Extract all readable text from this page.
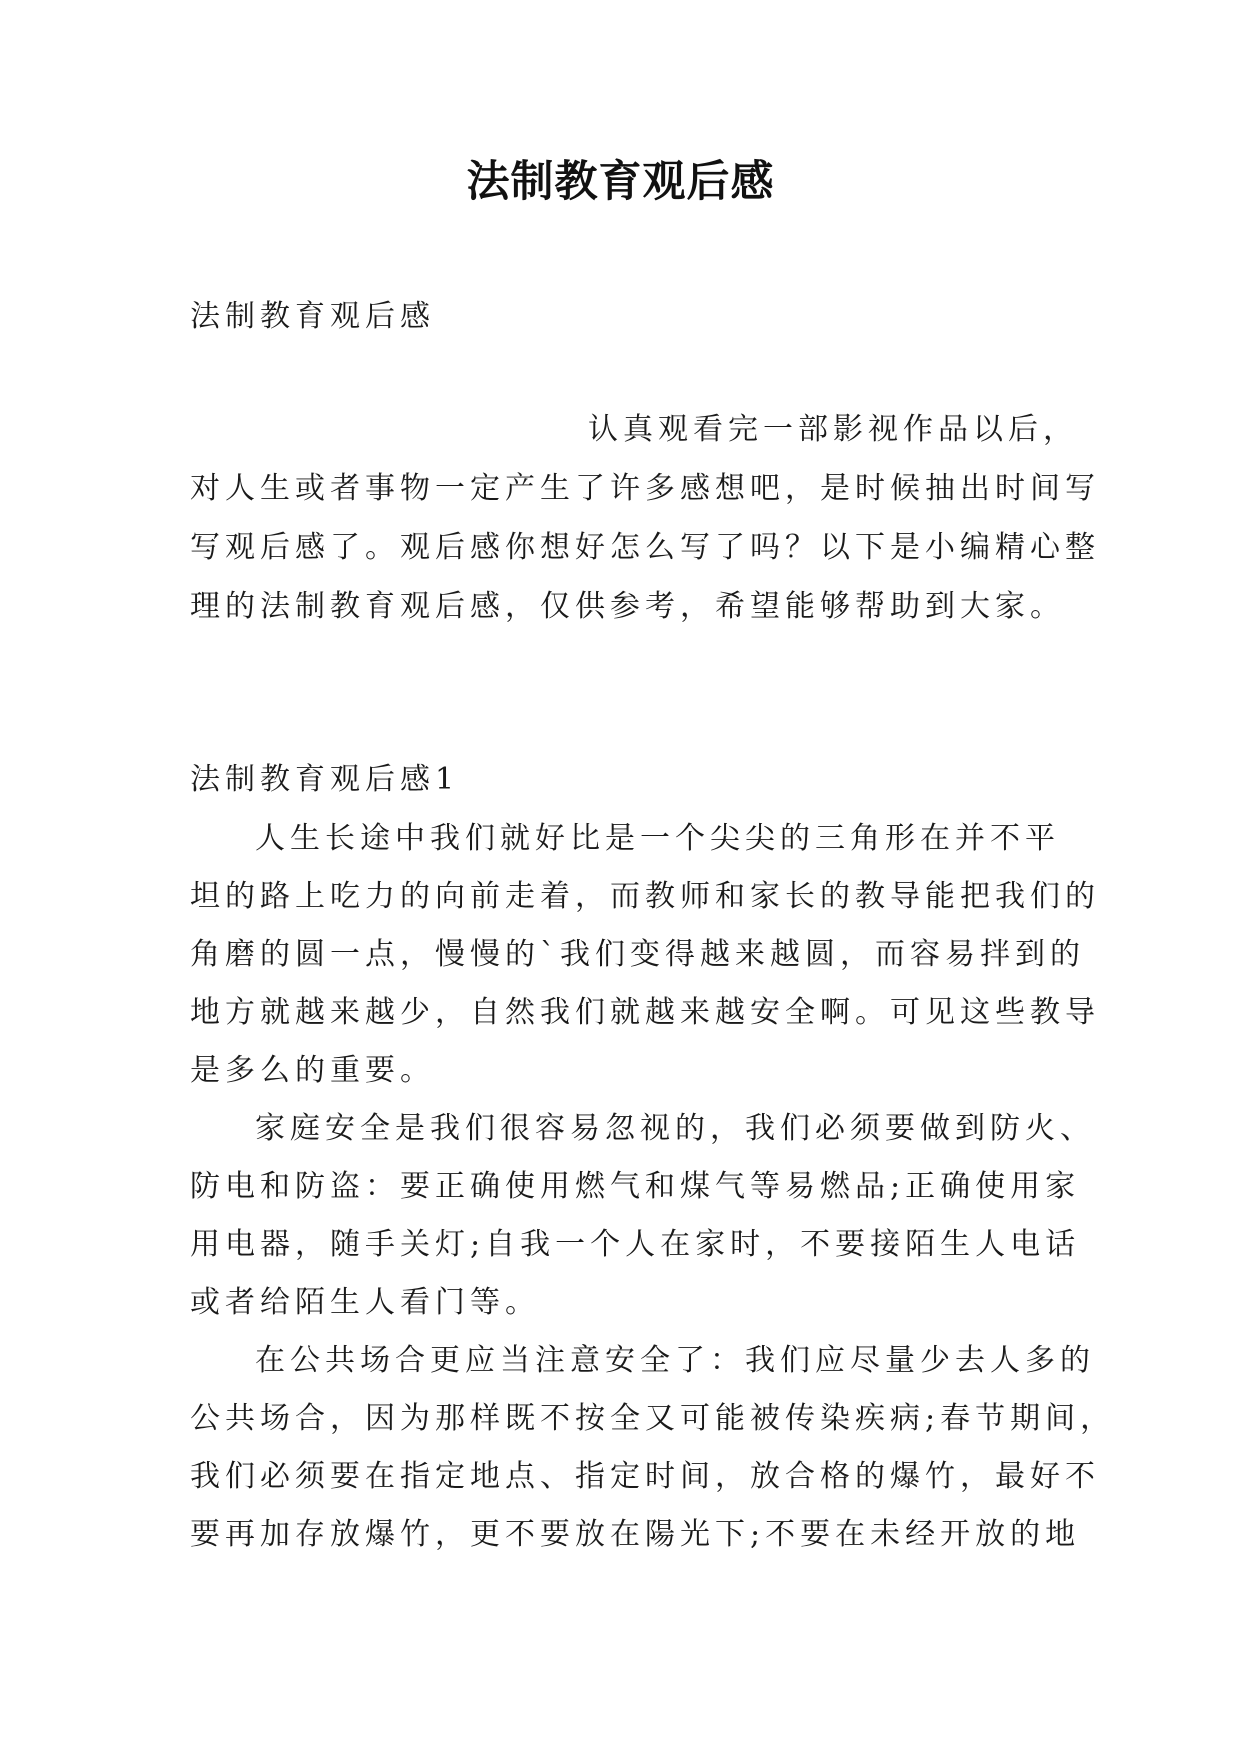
法制教育观后感
法制教育观后感
认真观看完一部影视作品以后，
对人生或者事物一定产生了许多感想吧，是时候抽出时间写
写观后感了。观后感你想好怎么写了吗？以下是小编精心整
理的法制教育观后感，仅供参考，希望能够帮助到大家。
法制教育观后感1
人生长途中我们就好比是一个尖尖的三角形在并不平
坦的路上吃力的向前走着，而教师和家长的教导能把我们的
角磨的圆一点，慢慢的`我们变得越来越圆，而容易拌到的
地方就越来越少，自然我们就越来越安全啊。可见这些教导
是多么的重要。
家庭安全是我们很容易忽视的，我们必须要做到防火、
防电和防盗：要正确使用燃气和煤气等易燃品;正确使用家
用电器，随手关灯;自我一个人在家时，不要接陌生人电话
或者给陌生人看门等。
在公共场合更应当注意安全了：我们应尽量少去人多的
公共场合，因为那样既不按全又可能被传染疾病;春节期间，
我们必须要在指定地点、指定时间，放合格的爆竹，最好不
要再加存放爆竹，更不要放在陽光下;不要在未经开放的地
